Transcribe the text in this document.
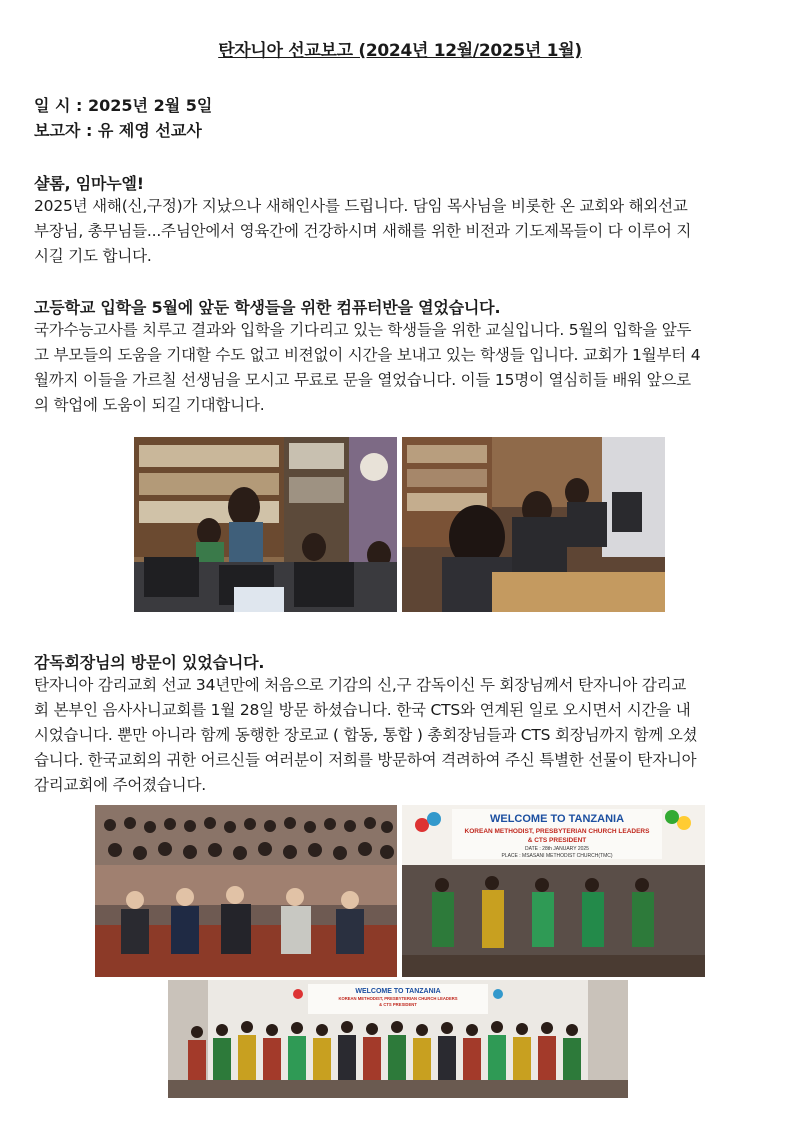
탄자니아 선교보고 (2024년 12월/2025년 1월)
일 시 : 2025년 2월 5일
보고자 : 유 제영 선교사
샬롬, 임마누엘!
2025년 새해(신,구정)가 지났으나 새해인사를 드립니다. 담임 목사님을 비롯한 온 교회와 해외선교
부장님, 총무님들...주님안에서 영육간에 건강하시며 새해를 위한 비전과 기도제목들이 다 이루어 지
시길 기도 합니다.
고등학교 입학을 5월에 앞둔 학생들을 위한 컴퓨터반을 열었습니다.
국가수능고사를 치루고 결과와 입학을 기다리고 있는 학생들을 위한 교실입니다. 5월의 입학을 앞두
고 부모들의 도움을 기대할 수도 없고 비젼없이 시간을 보내고 있는 학생들 입니다. 교회가 1월부터 4
월까지 이들을 가르칠 선생님을 모시고 무료로 문을 열었습니다. 이들 15명이 열심히들 배워 앞으로
의 학업에 도움이 되길 기대합니다.
감독회장님의 방문이 있었습니다.
탄자니아 감리교회 선교 34년만에 처음으로 기감의 신,구 감독이신 두 회장님께서 탄자니아 감리교
회 본부인 음사사니교회를 1월 28일 방문 하셨습니다. 한국 CTS와 연계된 일로 오시면서 시간을 내
시었습니다. 뿐만 아니라 함께 동행한 장로교 ( 합동, 통합 ) 총회장님들과 CTS 회장님까지 함께 오셨
습니다. 한국교회의 귀한 어르신들 여러분이 저희를 방문하여 격려하여 주신 특별한 선물이 탄자니아
감리교회에 주어졌습니다.
WELCOME TO TANZANIA
KOREAN METHODIST, PRESBYTERIAN CHURCH LEADERS
& CTS PRESIDENT
DATE : 28th JANUARY 2025
PLACE : MSASANI METHODIST CHURCH(TMC)
WELCOME TO TANZANIA
KOREAN METHODIST, PRESBYTERIAN CHURCH LEADERS
& CTS PRESIDENT
